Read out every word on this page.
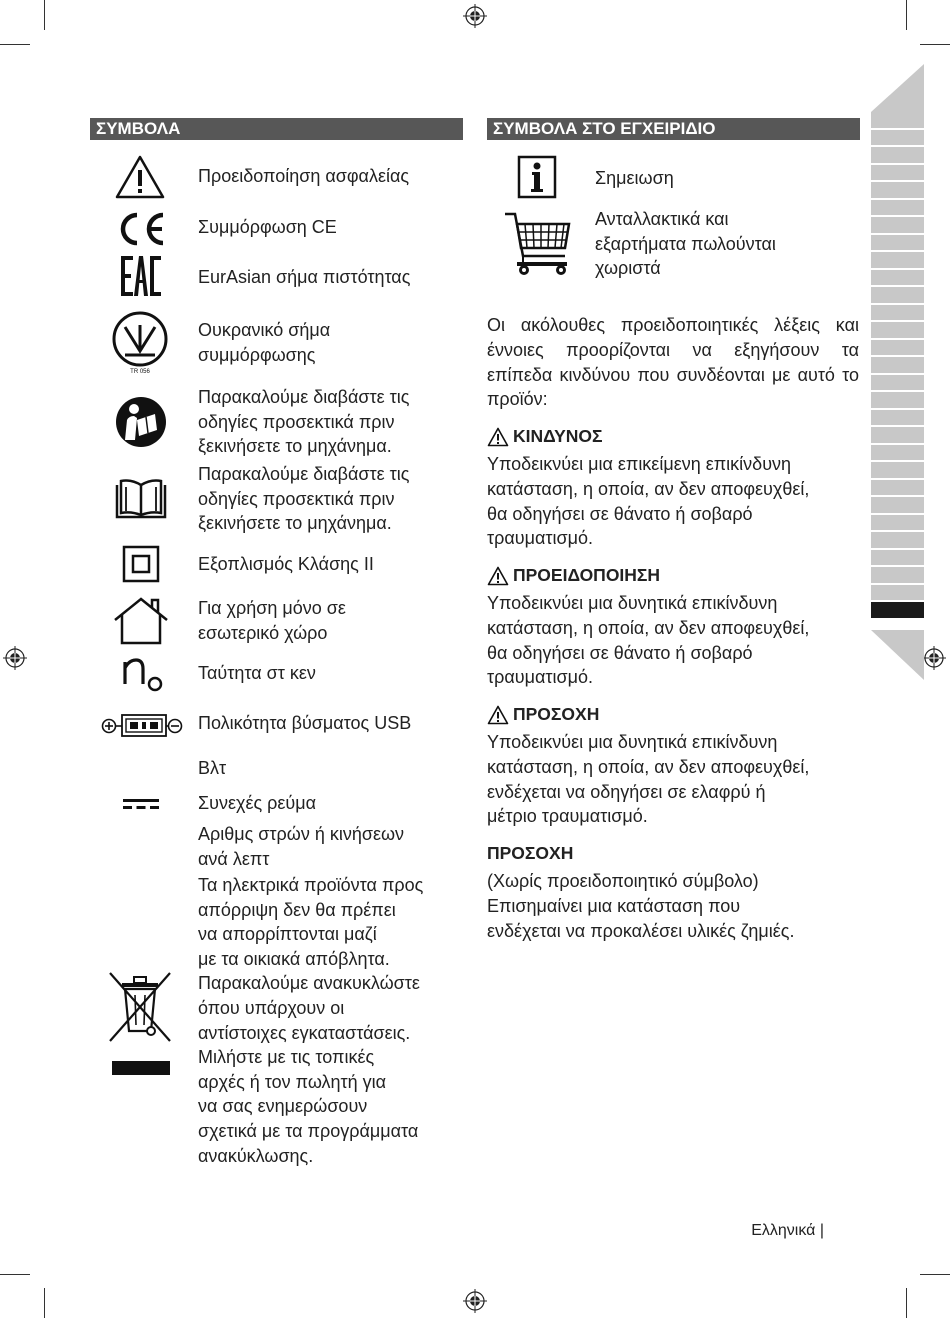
ΣΥΜΒΟΛΑ
Προειδοποίηση ασφαλείας
Συμμόρφωση CE
EurAsian σήμα πιστότητας
TR 056
Ουκρανικό σήμα
συμμόρφωσης
Παρακαλούμε διαβάστε τις
οδηγίες προσεκτικά πριν
ξεκινήσετε το μηχάνημα.
Παρακαλούμε διαβάστε τις
οδηγίες προσεκτικά πριν
ξεκινήσετε το μηχάνημα.
Εξοπλισμός Κλάσης II
Για χρήση μόνο σε
εσωτερικό χώρο
Ταύτητα στ κεν
Πολικότητα βύσματος USB
Βλτ
Συνεχές ρεύμα
Αριθμς στρών ή κινήσεων
ανά λεπτ
Τα ηλεκτρικά προϊόντα προς
απόρριψη δεν θα πρέπει
να απορρίπτονται μαζί
με τα οικιακά απόβλητα.
Παρακαλούμε ανακυκλώστε
όπου υπάρχουν οι
αντίστοιχες εγκαταστάσεις.
Μιλήστε με τις τοπικές
αρχές ή τον πωλητή για
να σας ενημερώσουν
σχετικά με τα προγράμματα
ανακύκλωσης.
ΣΥΜΒΟΛΑ ΣΤΟ ΕΓΧΕΙΡΙΔΙΟ
Σημειωση
Ανταλλακτικά και
εξαρτήματα πωλούνται
χωριστά
Οι ακόλουθες προειδοποιητικές λέξεις και έννοιες προορίζονται να εξηγήσουν τα επίπεδα κινδύνου που συνδέονται με αυτό το προϊόν:
ΚΙΝΔΥΝΟΣ
Υποδεικνύει μια επικείμενη επικίνδυνη
κατάσταση, η οποία, αν δεν αποφευχθεί,
θα οδηγήσει σε θάνατο ή σοβαρό
τραυματισμό.
ΠΡΟΕΙΔΟΠΟΙΗΣΗ
Υποδεικνύει μια δυνητικά επικίνδυνη
κατάσταση, η οποία, αν δεν αποφευχθεί,
θα οδηγήσει σε θάνατο ή σοβαρό
τραυματισμό.
ΠΡΟΣΟΧΗ
Υποδεικνύει μια δυνητικά επικίνδυνη
κατάσταση, η οποία, αν δεν αποφευχθεί,
ενδέχεται να οδηγήσει σε ελαφρύ ή
μέτριο τραυματισμό.
ΠΡΟΣΟΧΗ
(Χωρίς προειδοποιητικό σύμβολο)
Επισημαίνει μια κατάσταση που
ενδέχεται να προκαλέσει υλικές ζημιές.
Ελληνικά |
